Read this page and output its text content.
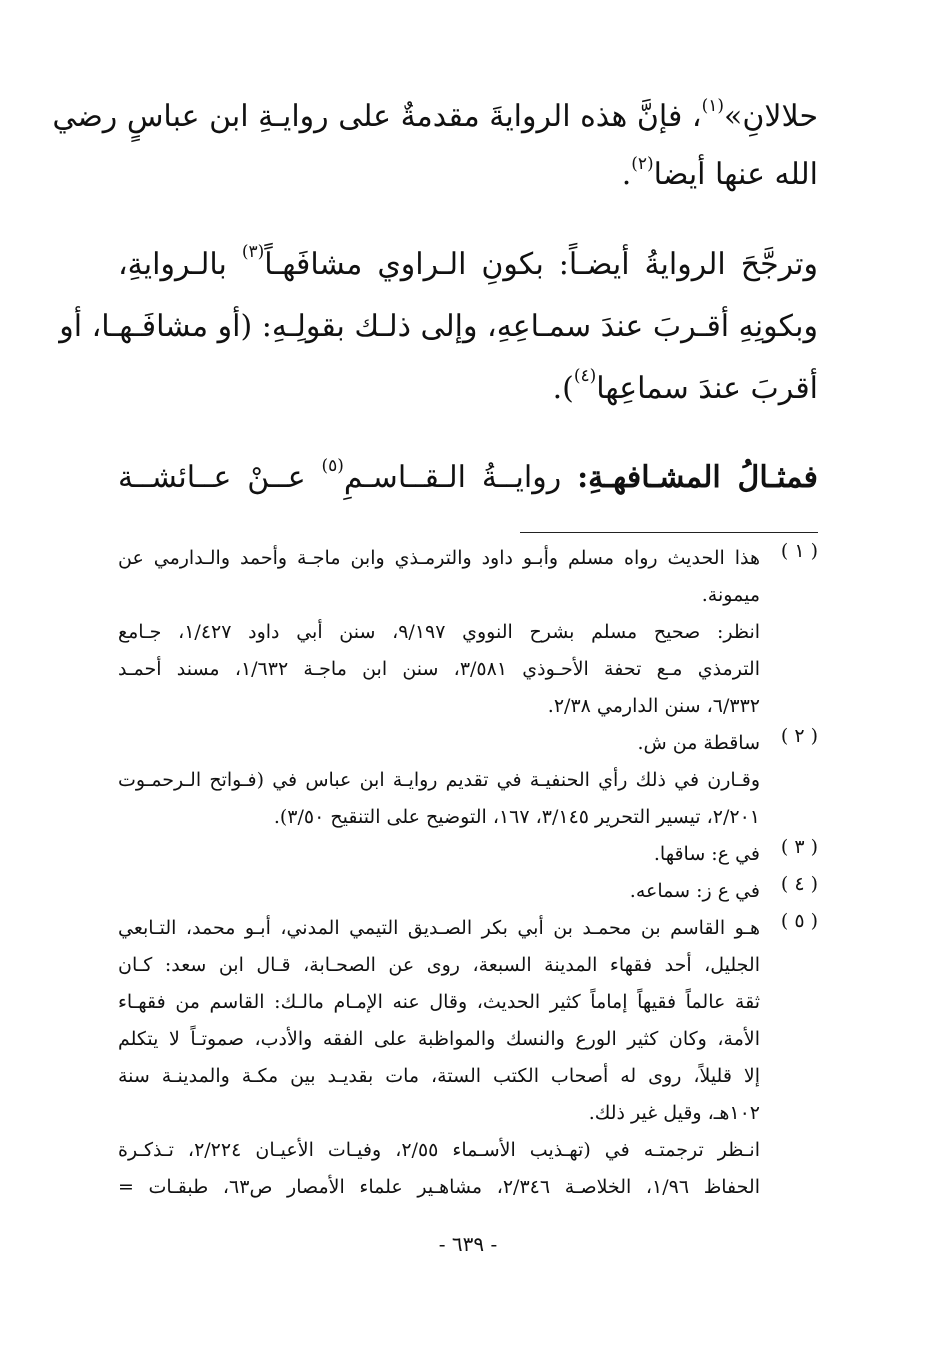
حلالانِ»$^{(١)}$، فإنَّ هذه الروايةَ مقدمةٌ على روايـةِ ابن عباسٍ رضي
الله عنها أيضا$^{(٢)}$.
وترجَّحَ الروايةُ أيضـاً: بكونِ الـراوي مشافَهـاً$^{(٣)}$ بالـروايةِ،
وبكونِهِ أقـربَ عندَ سمـاعِهِ، وإلى ذلـك بقولِـهِ: (أو مشافَـهـا، أو
أقربَ عندَ سماعِها$^{(٤)}$).
فمثـالُ المشـافهـةِ: روايــةُ الـقــاسـمِ$^{(٥)}$ عــنْ عــائشــة
( ١ )
هذا الحديث رواه مسلم وأبـو داود والترمـذي وابن ماجـة وأحمد والـدارمي عن
ميمونة.
انظر: صحيح مسلم بشرح النووي ٩/١٩٧، سنن أبي داود ١/٤٢٧، جـامع
الترمذي مـع تحفة الأحـوذي ٣/٥٨١، سنن ابن ماجـة ١/٦٣٢، مسند أحمـد
٦/٣٣٢، سنن الدارمي ٢/٣٨.
( ٢ )
ساقطة من ش.
وقـارن في ذلك رأي الحنفيـة في تقديم روايـة ابن عباس في (فـواتح الـرحمـوت
٢/٢٠١، تيسير التحرير ٣/١٤٥، ١٦٧، التوضيح على التنقيح ٣/٥٠).
( ٣ )
في ع: ساقها.
( ٤ )
في ع ز: سماعه.
( ٥ )
هـو القاسم بن محمـد بن أبي بكر الصـديق التيمي المدني، أبـو محمد، التـابعي
الجليل، أحد فقهاء المدينة السبعة، روى عن الصحـابة، قـال ابن سعد: كـان
ثقة عالماً فقيهاً إماماً كثير الحديث، وقال عنه الإمـام مالـك: القاسم من فقهـاء
الأمة، وكان كثير الورع والنسك والمواظبة على الفقه والأدب، صموتـاً لا يتكلم
إلا قليلاً، روى له أصحاب الكتب الستة، مات بقديـد بين مكـة والمدينـة سنة
١٠٢هـ، وقيل غير ذلك.
انـظر ترجمتـه في (تهـذيب الأسـماء ٢/٥٥، وفيـات الأعيـان ٢/٢٢٤، تـذكـرة
الحفاظ ١/٩٦، الخلاصـة ٢/٣٤٦، مشاهـير علماء الأمصار ص٦٣، طبقـات =
- ٦٣٩ -
